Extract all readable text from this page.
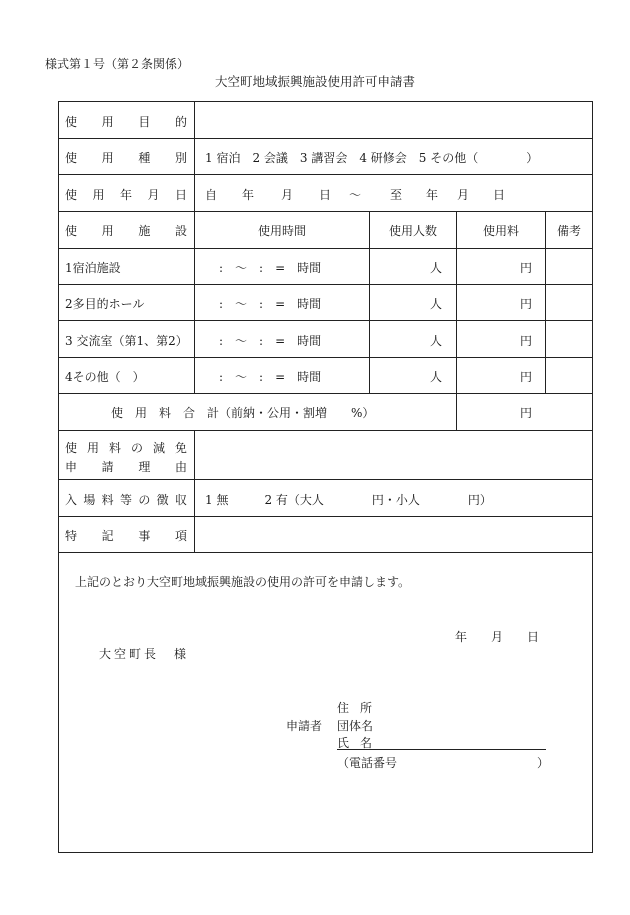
様式第１号（第２条関係）
大空町地域振興施設使用許可申請書
使 用 目 的
使 用 種 別 1 宿泊　2 会議　3 講習会　4 研修会　5 その他（　　　　）
使 用 年 月 日 自 年 月 日 ～ 至 年 月 日
使 用 施 設	使用時間	使用人数	使用料	備考
1宿泊施設	:　～　:　=　時間	人	円
2多目的ホール	:　～　:　=　時間	人	円
3 交流室（第1、第2）	:　～　:　=　時間	人	円
4その他（　）	:　～　:　=　時間	人	円
使　用　料　合　計（前納・公用・割増　　%）	円
使 用 料 の 減 免
申 請 理 由
入 場 料 等 の 徴 収 1 無　　　2 有（大人　　　　円・小人　　　　円）
特 記 事 項
上記のとおり大空町地域振興施設の使用の許可を申請します。
年 月 日
大空町長　様
申請者
住 所
団体名
氏 名
（電話番号	）
